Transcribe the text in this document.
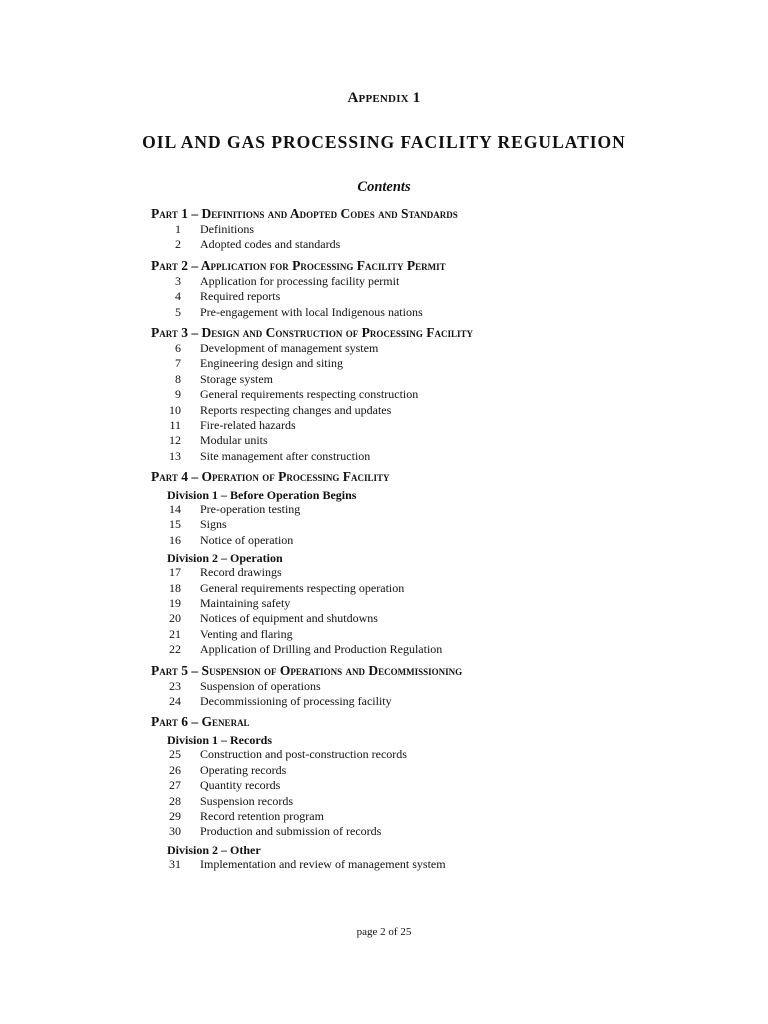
Appendix 1
OIL AND GAS PROCESSING FACILITY REGULATION
Contents
Part 1 – Definitions and Adopted Codes and Standards
1 Definitions
2 Adopted codes and standards
Part 2 – Application for Processing Facility Permit
3 Application for processing facility permit
4 Required reports
5 Pre-engagement with local Indigenous nations
Part 3 – Design and Construction of Processing Facility
6 Development of management system
7 Engineering design and siting
8 Storage system
9 General requirements respecting construction
10 Reports respecting changes and updates
11 Fire-related hazards
12 Modular units
13 Site management after construction
Part 4 – Operation of Processing Facility
Division 1 – Before Operation Begins
14 Pre-operation testing
15 Signs
16 Notice of operation
Division 2 – Operation
17 Record drawings
18 General requirements respecting operation
19 Maintaining safety
20 Notices of equipment and shutdowns
21 Venting and flaring
22 Application of Drilling and Production Regulation
Part 5 – Suspension of Operations and Decommissioning
23 Suspension of operations
24 Decommissioning of processing facility
Part 6 – General
Division 1 – Records
25 Construction and post-construction records
26 Operating records
27 Quantity records
28 Suspension records
29 Record retention program
30 Production and submission of records
Division 2 – Other
31 Implementation and review of management system
page 2 of 25
